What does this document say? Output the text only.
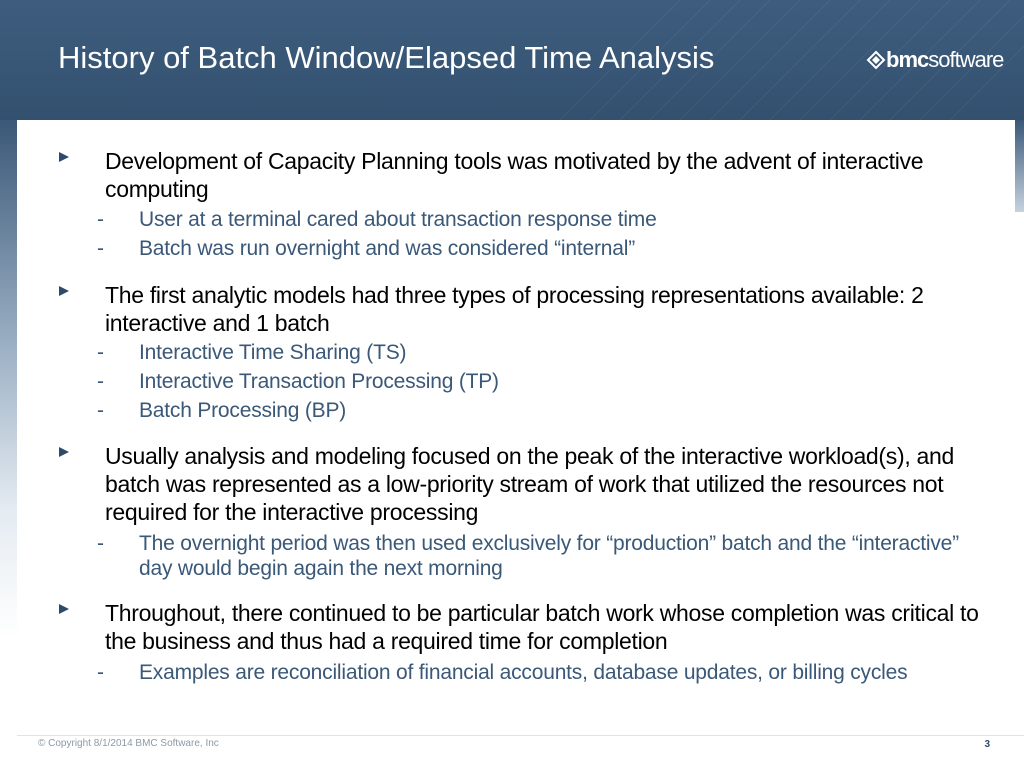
History of Batch Window/Elapsed Time Analysis	bmc software
Development of Capacity Planning tools was motivated by the advent of interactive computing
- User at a terminal cared about transaction response time
- Batch was run overnight and was considered “internal”
The first analytic models had three types of processing representations available: 2 interactive and 1 batch
- Interactive Time Sharing (TS)
- Interactive Transaction Processing (TP)
- Batch Processing (BP)
Usually analysis and modeling focused on the peak of the interactive workload(s), and batch was represented as a low-priority stream of work that utilized the resources not required for the interactive processing
- The overnight period was then used exclusively for “production” batch and the “interactive” day would begin again the next morning
Throughout, there continued to be particular batch work whose completion was critical to the business and thus had a required time for completion
- Examples are reconciliation of financial accounts, database updates, or billing cycles
© Copyright 8/1/2014 BMC Software, Inc	3
